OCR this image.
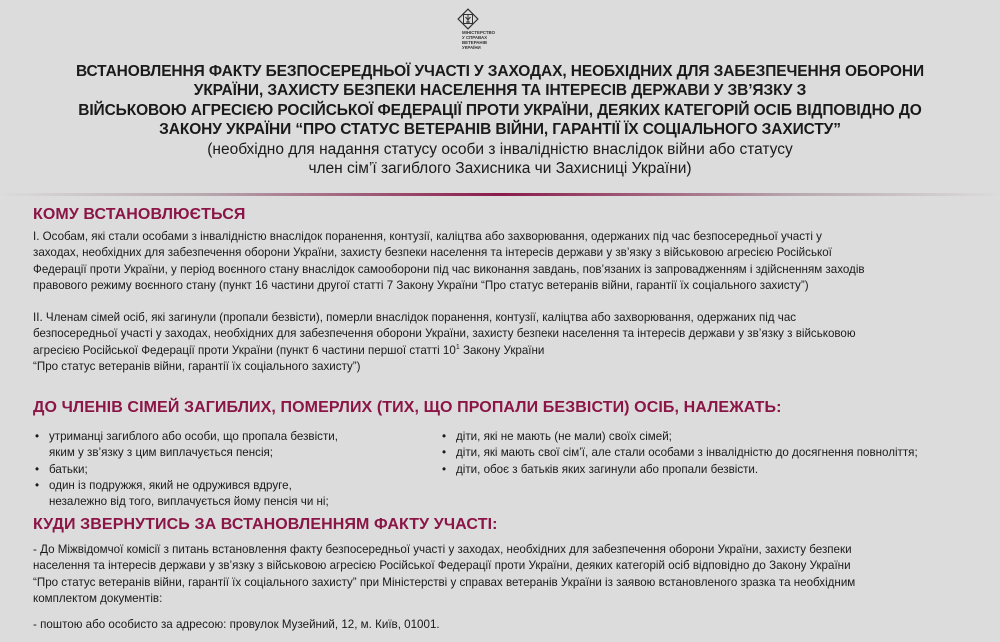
МІНІСТЕРСТВО
У СПРАВАХ
ВЕТЕРАНІВ
УКРАЇНИ
ВСТАНОВЛЕННЯ ФАКТУ БЕЗПОСЕРЕДНЬОЇ УЧАСТІ У ЗАХОДАХ, НЕОБХІДНИХ ДЛЯ ЗАБЕЗПЕЧЕННЯ ОБОРОНИ
УКРАЇНИ, ЗАХИСТУ БЕЗПЕКИ НАСЕЛЕННЯ ТА ІНТЕРЕСІВ ДЕРЖАВИ У ЗВ’ЯЗКУ З
ВІЙСЬКОВОЮ АГРЕСІЄЮ РОСІЙСЬКОЇ ФЕДЕРАЦІЇ ПРОТИ УКРАЇНИ, ДЕЯКИХ КАТЕГОРІЙ ОСІБ ВІДПОВІДНО ДО
ЗАКОНУ УКРАЇНИ “ПРО СТАТУС ВЕТЕРАНІВ ВІЙНИ, ГАРАНТІЇ ЇХ СОЦІАЛЬНОГО ЗАХИСТУ”
(необхідно для надання статусу особи з інвалідністю внаслідок війни або статусу
член сім’ї загиблого Захисника чи Захисниці України)
КОМУ ВСТАНОВЛЮЄТЬСЯ
I. Особам, які стали особами з інвалідністю внаслідок поранення, контузії, каліцтва або захворювання, одержаних під час безпосередньої участі у
заходах, необхідних для забезпечення оборони України, захисту безпеки населення та інтересів держави у зв’язку з військовою агресією Російської
Федерації проти України, у період воєнного стану внаслідок самооборони під час виконання завдань, пов’язаних із запровадженням і здійсненням заходів
правового режиму воєнного стану (пункт 16 частини другої статті 7 Закону України “Про статус ветеранів війни, гарантії їх соціального захисту”)
II. Членам сімей осіб, які загинули (пропали безвісти), померли внаслідок поранення, контузії, каліцтва або захворювання, одержаних під час
безпосередньої участі у заходах, необхідних для забезпечення оборони України, захисту безпеки населення та інтересів держави у зв’язку з військовою
агресією Російської Федерації проти України (пункт 6 частини першої статті $10^1$ Закону України
“Про статус ветеранів війни, гарантії їх соціального захисту”)
ДО ЧЛЕНІВ СІМЕЙ ЗАГИБЛИХ, ПОМЕРЛИХ (ТИХ, ЩО ПРОПАЛИ БЕЗВІСТИ) ОСІБ, НАЛЕЖАТЬ:
• утриманці загиблого або особи, що пропала безвісти,
яким у зв’язку з цим виплачується пенсія;
• батьки;
• один із подружжя, який не одружився вдруге,
незалежно від того, виплачується йому пенсія чи ні;
• діти, які не мають (не мали) своїх сімей;
• діти, які мають свої сім’ї, але стали особами з інвалідністю до досягнення повноліття;
• діти, обоє з батьків яких загинули або пропали безвісти.
КУДИ ЗВЕРНУТИСЬ ЗА ВСТАНОВЛЕННЯМ ФАКТУ УЧАСТІ:
- До Міжвідомчої комісії з питань встановлення факту безпосередньої участі у заходах, необхідних для забезпечення оборони України, захисту безпеки
населення та інтересів держави у зв’язку з військовою агресією Російської Федерації проти України, деяких категорій осіб відповідно до Закону України
“Про статус ветеранів війни, гарантії їх соціального захисту” при Міністерстві у справах ветеранів України із заявою встановленого зразка та необхідним
комплектом документів:
- поштою або особисто за адресою: провулок Музейний, 12, м. Київ, 01001.
